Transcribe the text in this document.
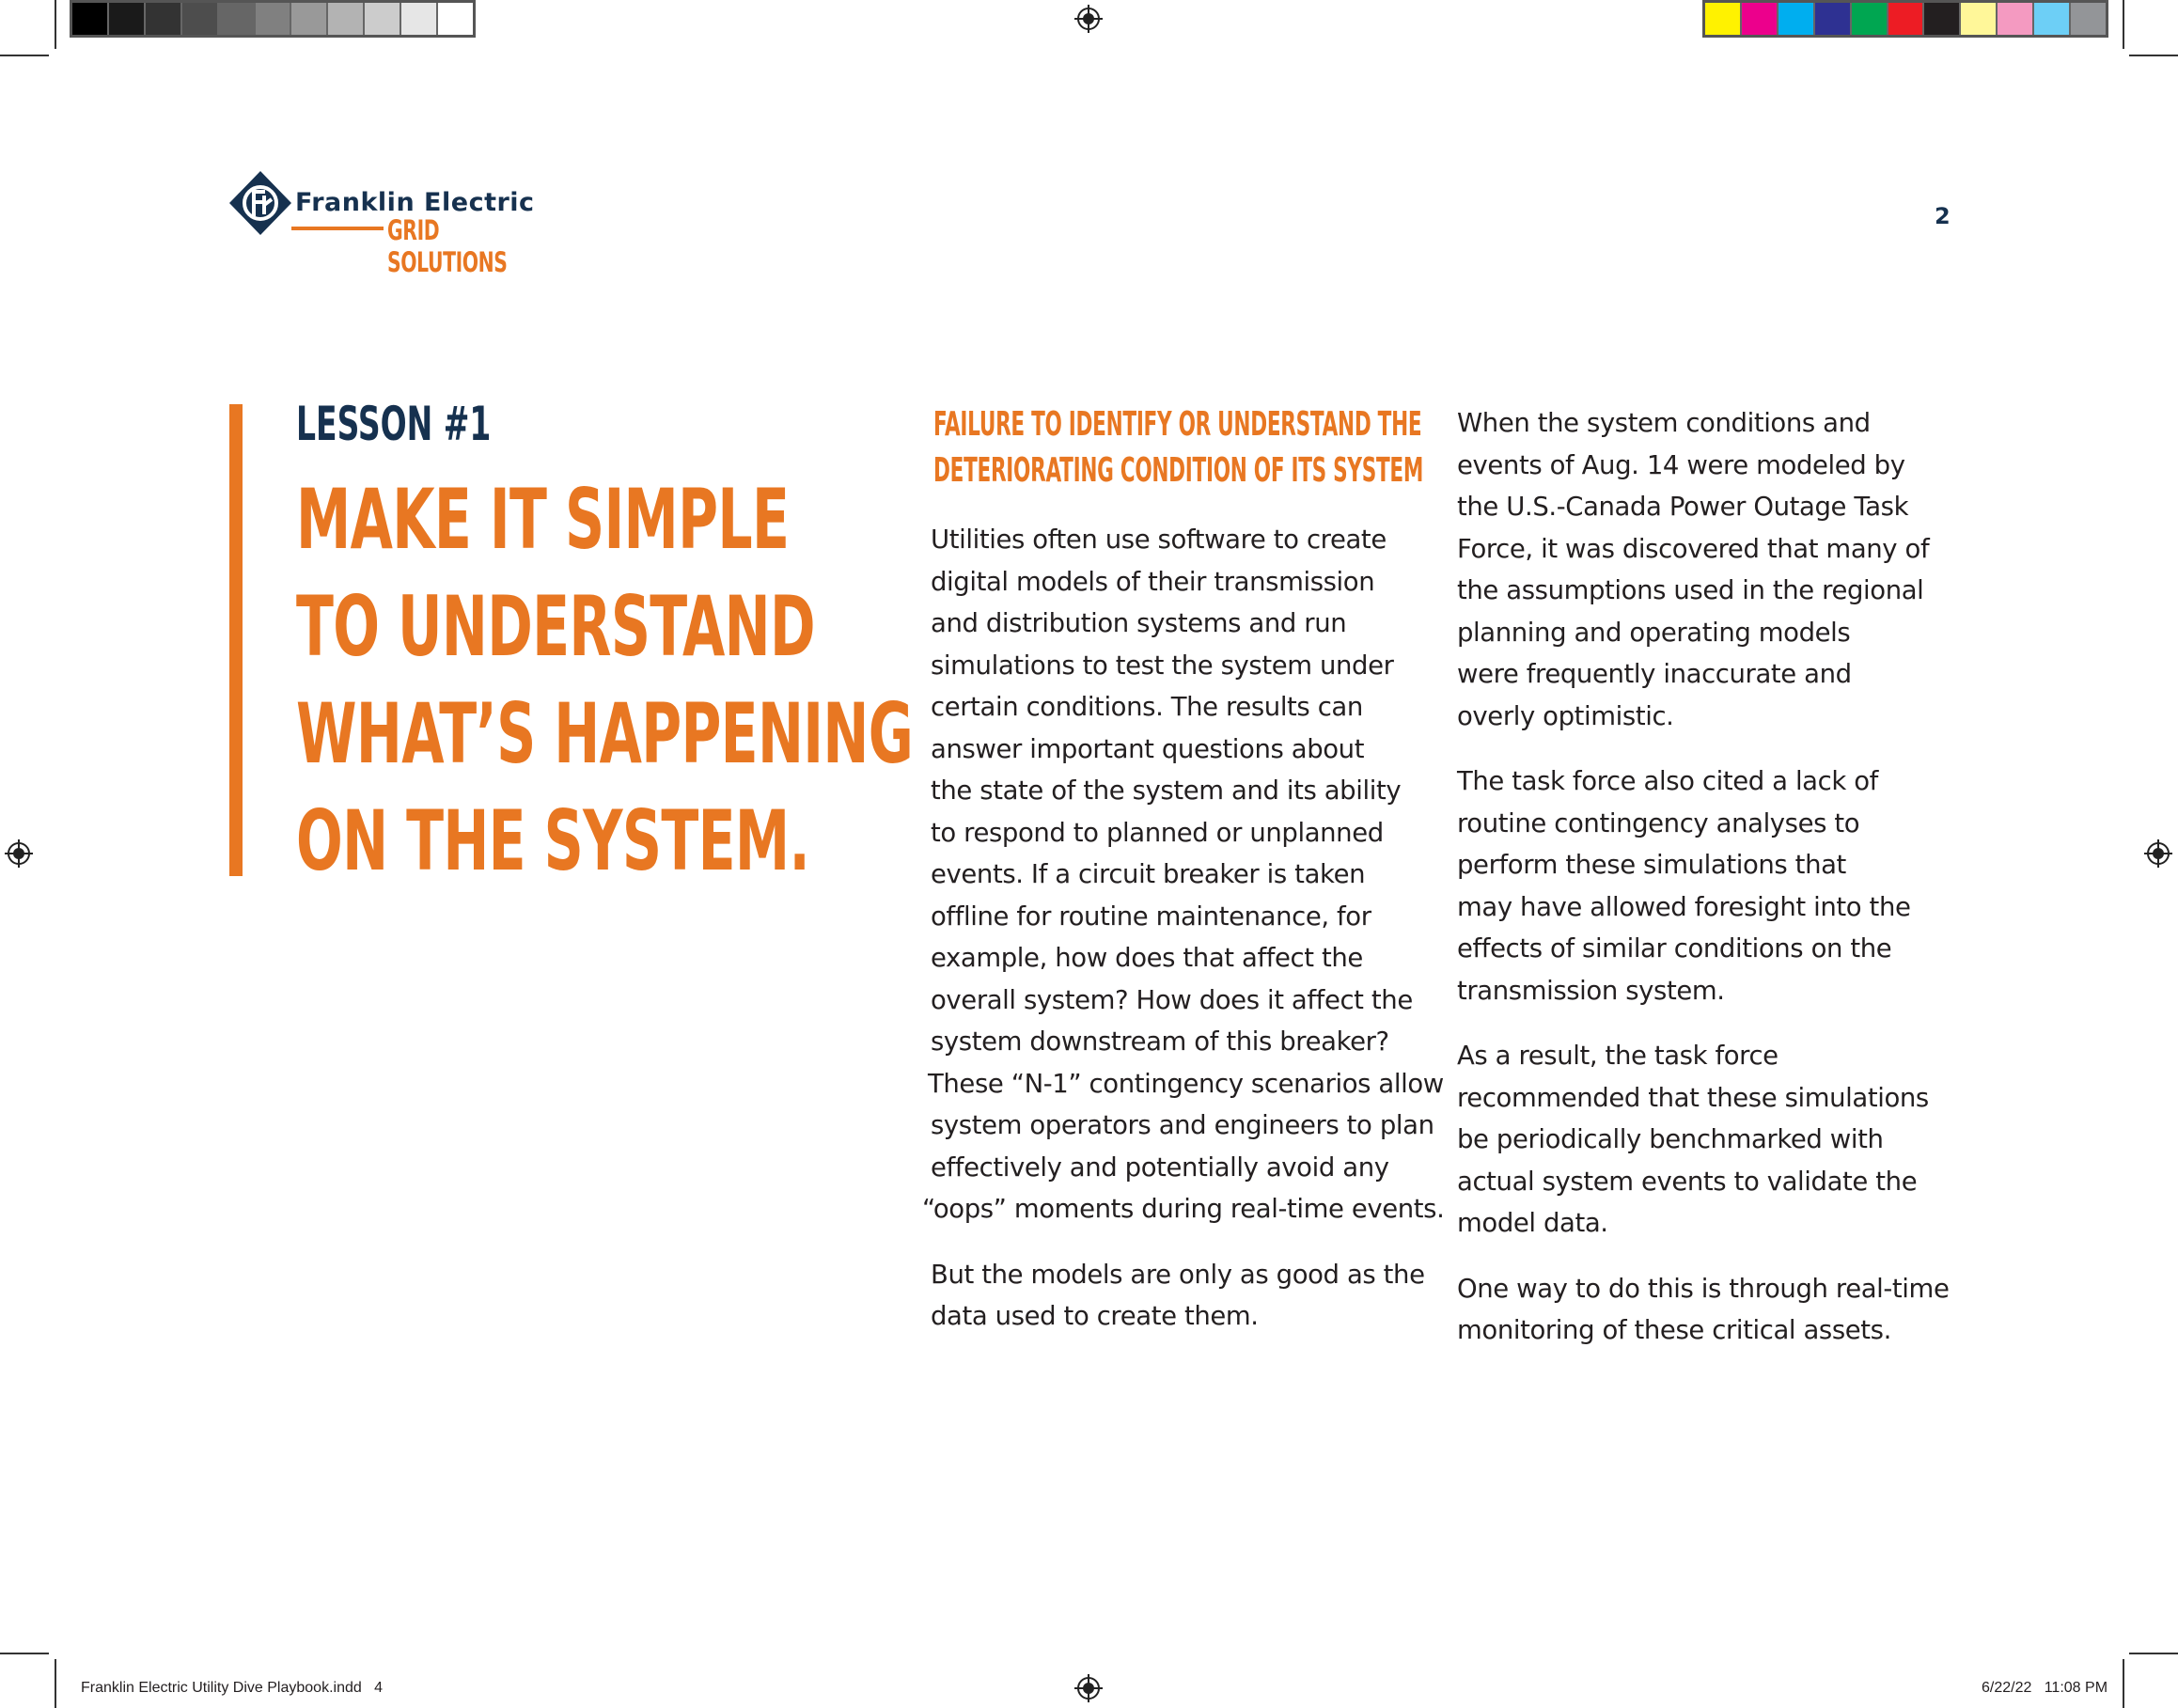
Franklin Electric
GRID SOLUTIONS
2
LESSON #1
MAKE IT SIMPLE
TO UNDERSTAND
WHAT’S HAPPENING
ON THE SYSTEM.
FAILURE TO IDENTIFY OR UNDERSTAND THE
DETERIORATING CONDITION OF ITS SYSTEM

Utilities often use software to create

digital models of their transmission

and distribution systems and run

simulations to test the system under

certain conditions. The results can

answer important questions about

the state of the system and its ability

to respond to planned or unplanned

events. If a circuit breaker is taken

offline for routine maintenance, for

example, how does that affect the

overall system? How does it affect the

system downstream of this breaker?

These “N-1” contingency scenarios allow

system operators and engineers to plan

effectively and potentially avoid any

“oops” moments during real-time events.

But the models are only as good as the

data used to create them.

When the system conditions and

events of Aug. 14 were modeled by

the U.S.-Canada Power Outage Task

Force, it was discovered that many of

the assumptions used in the regional

planning and operating models

were frequently inaccurate and

overly optimistic.

The task force also cited a lack of

routine contingency analyses to

perform these simulations that

may have allowed foresight into the

effects of similar conditions on the

transmission system.

As a result, the task force

recommended that these simulations

be periodically benchmarked with

actual system events to validate the

model data.

One way to do this is through real-time

monitoring of these critical assets.

Franklin Electric Utility Dive Playbook.indd   4	6/22/22   11:08 PM
